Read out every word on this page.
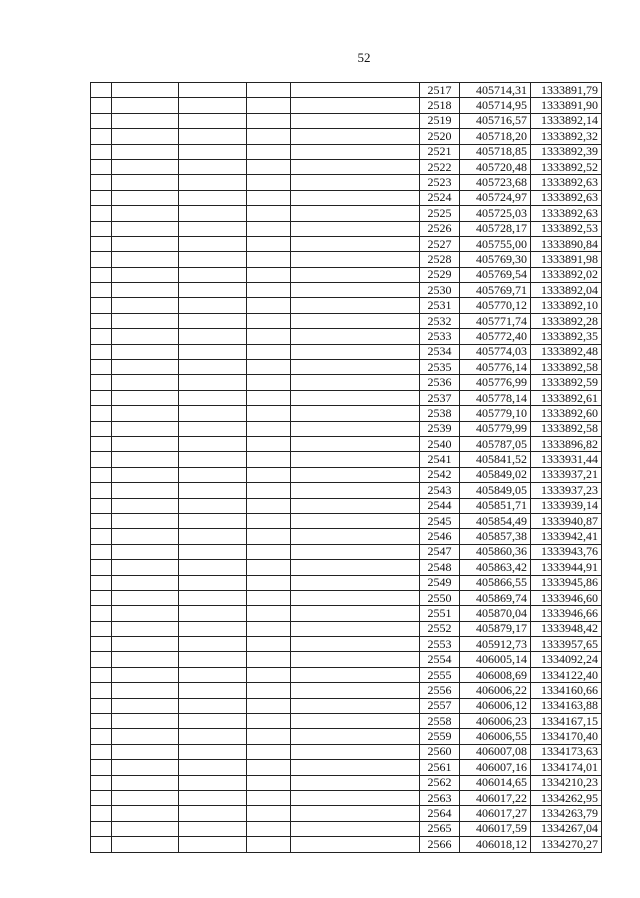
52
					2517	405714,31	1333891,79
					2518	405714,95	1333891,90
					2519	405716,57	1333892,14
					2520	405718,20	1333892,32
					2521	405718,85	1333892,39
					2522	405720,48	1333892,52
					2523	405723,68	1333892,63
					2524	405724,97	1333892,63
					2525	405725,03	1333892,63
					2526	405728,17	1333892,53
					2527	405755,00	1333890,84
					2528	405769,30	1333891,98
					2529	405769,54	1333892,02
					2530	405769,71	1333892,04
					2531	405770,12	1333892,10
					2532	405771,74	1333892,28
					2533	405772,40	1333892,35
					2534	405774,03	1333892,48
					2535	405776,14	1333892,58
					2536	405776,99	1333892,59
					2537	405778,14	1333892,61
					2538	405779,10	1333892,60
					2539	405779,99	1333892,58
					2540	405787,05	1333896,82
					2541	405841,52	1333931,44
					2542	405849,02	1333937,21
					2543	405849,05	1333937,23
					2544	405851,71	1333939,14
					2545	405854,49	1333940,87
					2546	405857,38	1333942,41
					2547	405860,36	1333943,76
					2548	405863,42	1333944,91
					2549	405866,55	1333945,86
					2550	405869,74	1333946,60
					2551	405870,04	1333946,66
					2552	405879,17	1333948,42
					2553	405912,73	1333957,65
					2554	406005,14	1334092,24
					2555	406008,69	1334122,40
					2556	406006,22	1334160,66
					2557	406006,12	1334163,88
					2558	406006,23	1334167,15
					2559	406006,55	1334170,40
					2560	406007,08	1334173,63
					2561	406007,16	1334174,01
					2562	406014,65	1334210,23
					2563	406017,22	1334262,95
					2564	406017,27	1334263,79
					2565	406017,59	1334267,04
					2566	406018,12	1334270,27
